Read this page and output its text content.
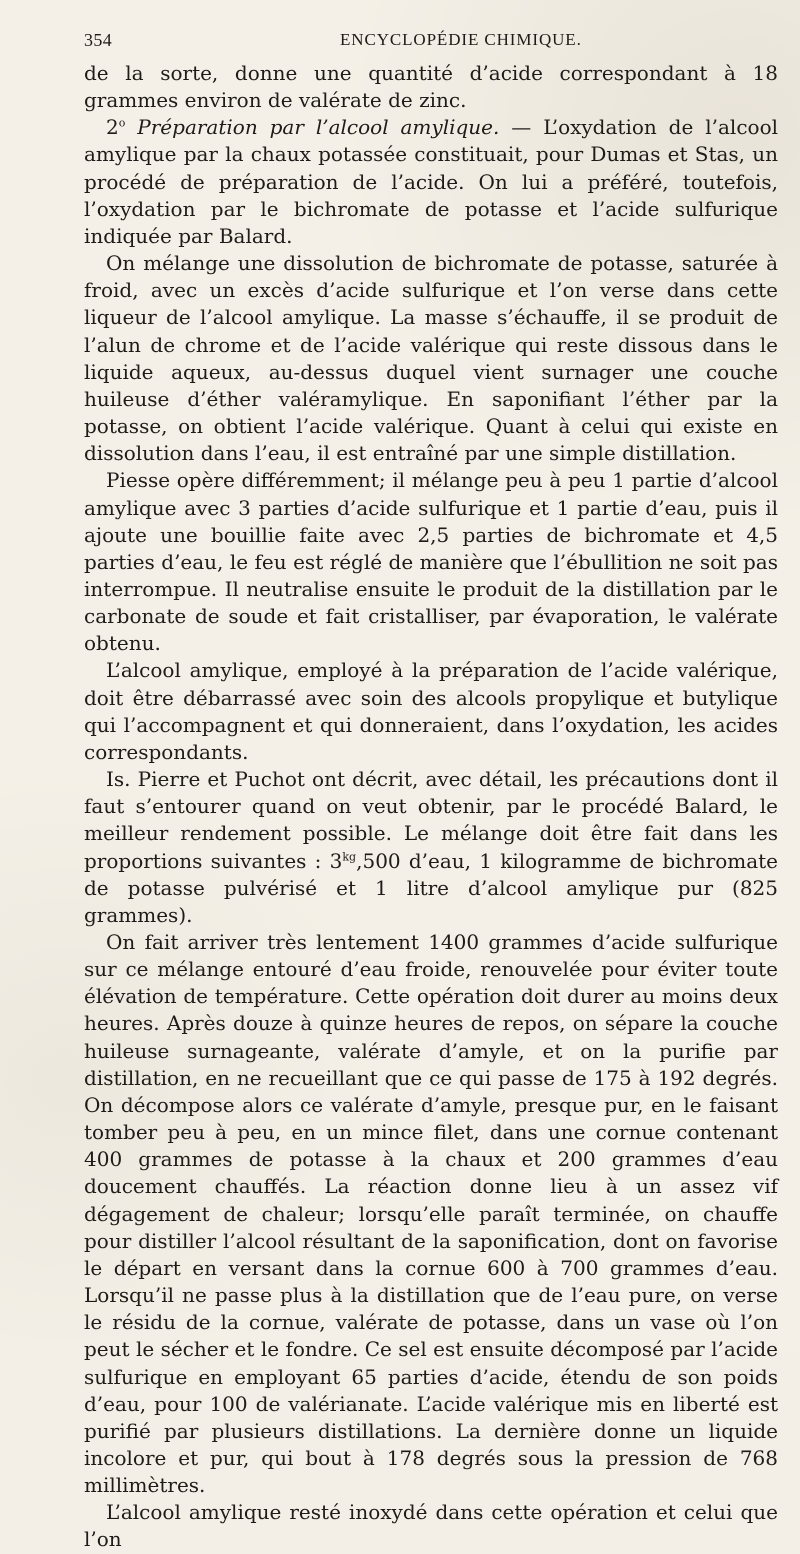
354	ENCYCLOPÉDIE CHIMIQUE.

de la sorte, donne une quantité d’acide correspondant à 18 grammes environ de valérate de zinc.

2$^o$ Préparation par l’alcool amylique. — L’oxydation de l’alcool amylique par la chaux potassée constituait, pour Dumas et Stas, un procédé de préparation de l’acide. On lui a préféré, toutefois, l’oxydation par le bichromate de potasse et l’acide sulfurique indiquée par Balard.

On mélange une dissolution de bichromate de potasse, saturée à froid, avec un excès d’acide sulfurique et l’on verse dans cette liqueur de l’alcool amylique. La masse s’échauffe, il se produit de l’alun de chrome et de l’acide valérique qui reste dissous dans le liquide aqueux, au-dessus duquel vient surnager une couche huileuse d’éther valéramylique. En saponifiant l’éther par la potasse, on obtient l’acide valérique. Quant à celui qui existe en dissolution dans l’eau, il est entraîné par une simple distillation.

Piesse opère différemment; il mélange peu à peu 1 partie d’alcool amylique avec 3 parties d’acide sulfurique et 1 partie d’eau, puis il ajoute une bouillie faite avec 2,5 parties de bichromate et 4,5 parties d’eau, le feu est réglé de manière que l’ébullition ne soit pas interrompue. Il neutralise ensuite le produit de la distillation par le carbonate de soude et fait cristalliser, par évaporation, le valérate obtenu.

L’alcool amylique, employé à la préparation de l’acide valérique, doit être débarrassé avec soin des alcools propylique et butylique qui l’accompagnent et qui donneraient, dans l’oxydation, les acides correspondants.

Is. Pierre et Puchot ont décrit, avec détail, les précautions dont il faut s’entourer quand on veut obtenir, par le procédé Balard, le meilleur rendement possible. Le mélange doit être fait dans les proportions suivantes : $3^{kg},500$ d’eau, 1 kilogramme de bichromate de potasse pulvérisé et 1 litre d’alcool amylique pur (825 grammes).

On fait arriver très lentement 1400 grammes d’acide sulfurique sur ce mélange entouré d’eau froide, renouvelée pour éviter toute élévation de température. Cette opération doit durer au moins deux heures. Après douze à quinze heures de repos, on sépare la couche huileuse surnageante, valérate d’amyle, et on la purifie par distillation, en ne recueillant que ce qui passe de 175 à 192 degrés. On décompose alors ce valérate d’amyle, presque pur, en le faisant tomber peu à peu, en un mince filet, dans une cornue contenant 400 grammes de potasse à la chaux et 200 grammes d’eau doucement chauffés. La réaction donne lieu à un assez vif dégagement de chaleur; lorsqu’elle paraît terminée, on chauffe pour distiller l’alcool résultant de la saponification, dont on favorise le départ en versant dans la cornue 600 à 700 grammes d’eau. Lorsqu’il ne passe plus à la distillation que de l’eau pure, on verse le résidu de la cornue, valérate de potasse, dans un vase où l’on peut le sécher et le fondre. Ce sel est ensuite décomposé par l’acide sulfurique en employant 65 parties d’acide, étendu de son poids d’eau, pour 100 de valérianate. L’acide valérique mis en liberté est purifié par plusieurs distillations. La dernière donne un liquide incolore et pur, qui bout à 178 degrés sous la pression de 768 millimètres.

L’alcool amylique resté inoxydé dans cette opération et celui que l’on
